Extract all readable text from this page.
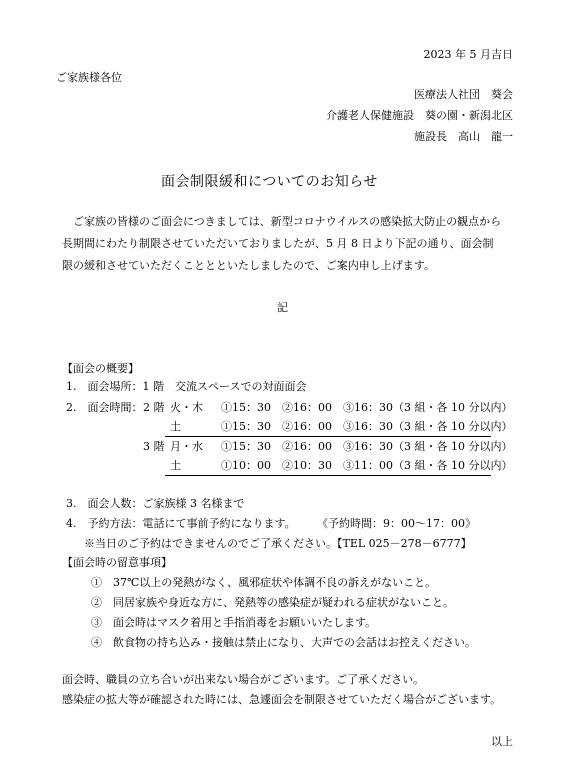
2023 年 5 月吉日
ご家族様各位
医療法人社団　葵会
介護老人保健施設　葵の園・新潟北区
施設長　高山　龍一
面会制限緩和についてのお知らせ
ご家族の皆様のご面会につきましては、新型コロナウイルスの感染拡大防止の観点から長期間にわたり制限させていただいておりましたが、5 月 8 日より下記の通り、面会制限の緩和させていただくこととといたしましたので、ご案内申し上げます。
記
【面会の概要】
1.　面会場所：1 階　交流スペースでの対面面会
2.　面会時間： 2 階 火・木 ①15：30　②16：00　③16：30（3 組・各 10 分以内）
土	①15：30　②16：00　③16：30（3 組・各 10 分以内）
3 階 月・水 ①15：30　②16：00　③16：30（3 組・各 10 分以内）
土	①10：00　②10：30　③11：00（3 組・各 10 分以内）
3.　面会人数：ご家族様 3 名様まで
4.　予約方法：電話にて事前予約になります。 《予約時間：9：00～17：00》
※当日のご予約はできませんのでご了承ください。【TEL 025－278－6777】
【面会時の留意事項】
①　37℃以上の発熱がなく、風邪症状や体調不良の訴えがないこと。
②　同居家族や身近な方に、発熱等の感染症が疑われる症状がないこと。
③　面会時はマスク着用と手指消毒をお願いいたします。
④　飲食物の持ち込み・接触は禁止になり、大声での会話はお控えください。
面会時、職員の立ち合いが出来ない場合がございます。ご了承ください。
感染症の拡大等が確認された時には、急遽面会を制限させていただく場合がございます。
以上
